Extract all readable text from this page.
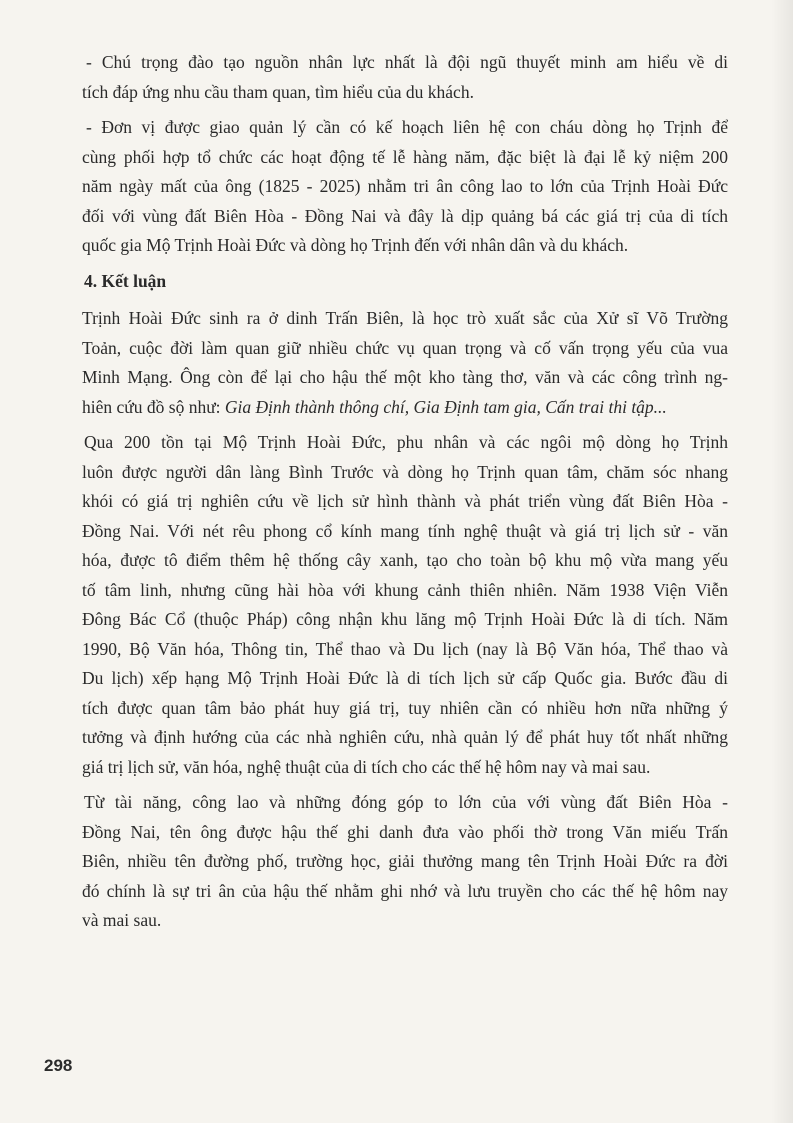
- Chú trọng đào tạo nguồn nhân lực nhất là đội ngũ thuyết minh am hiểu về di
tích đáp ứng nhu cầu tham quan, tìm hiểu của du khách.
- Đơn vị được giao quản lý cần có kế hoạch liên hệ con cháu dòng họ Trịnh để
cùng phối hợp tổ chức các hoạt động tế lễ hàng năm, đặc biệt là đại lễ kỷ niệm 200
năm ngày mất của ông (1825 - 2025) nhằm tri ân công lao to lớn của Trịnh Hoài Đức
đối với vùng đất Biên Hòa - Đồng Nai và đây là dịp quảng bá các giá trị của di tích
quốc gia Mộ Trịnh Hoài Đức và dòng họ Trịnh đến với nhân dân và du khách.
4. Kết luận
Trịnh Hoài Đức sinh ra ở dinh Trấn Biên, là học trò xuất sắc của Xử sĩ Võ Trường
Toản, cuộc đời làm quan giữ nhiều chức vụ quan trọng và cố vấn trọng yếu của vua
Minh Mạng. Ông còn để lại cho hậu thế một kho tàng thơ, văn và các công trình ng-
hiên cứu đồ sộ như: Gia Định thành thông chí, Gia Định tam gia, Cấn trai thi tập...
Qua 200 tồn tại Mộ Trịnh Hoài Đức, phu nhân và các ngôi mộ dòng họ Trịnh
luôn được người dân làng Bình Trước và dòng họ Trịnh quan tâm, chăm sóc nhang
khói có giá trị nghiên cứu về lịch sử hình thành và phát triển vùng đất Biên Hòa -
Đồng Nai. Với nét rêu phong cổ kính mang tính nghệ thuật và giá trị lịch sử - văn
hóa, được tô điểm thêm hệ thống cây xanh, tạo cho toàn bộ khu mộ vừa mang yếu
tố tâm linh, nhưng cũng hài hòa với khung cảnh thiên nhiên. Năm 1938 Viện Viễn
Đông Bác Cổ (thuộc Pháp) công nhận khu lăng mộ Trịnh Hoài Đức là di tích. Năm
1990, Bộ Văn hóa, Thông tin, Thể thao và Du lịch (nay là Bộ Văn hóa, Thể thao và
Du lịch) xếp hạng Mộ Trịnh Hoài Đức là di tích lịch sử cấp Quốc gia. Bước đầu di
tích được quan tâm bảo phát huy giá trị, tuy nhiên cần có nhiều hơn nữa những ý
tưởng và định hướng của các nhà nghiên cứu, nhà quản lý để phát huy tốt nhất những
giá trị lịch sử, văn hóa, nghệ thuật của di tích cho các thế hệ hôm nay và mai sau.
Từ tài năng, công lao và những đóng góp to lớn của với vùng đất Biên Hòa -
Đồng Nai, tên ông được hậu thế ghi danh đưa vào phối thờ trong Văn miếu Trấn
Biên, nhiều tên đường phố, trường học, giải thưởng mang tên Trịnh Hoài Đức ra đời
đó chính là sự tri ân của hậu thế nhằm ghi nhớ và lưu truyền cho các thế hệ hôm nay
và mai sau.
298
